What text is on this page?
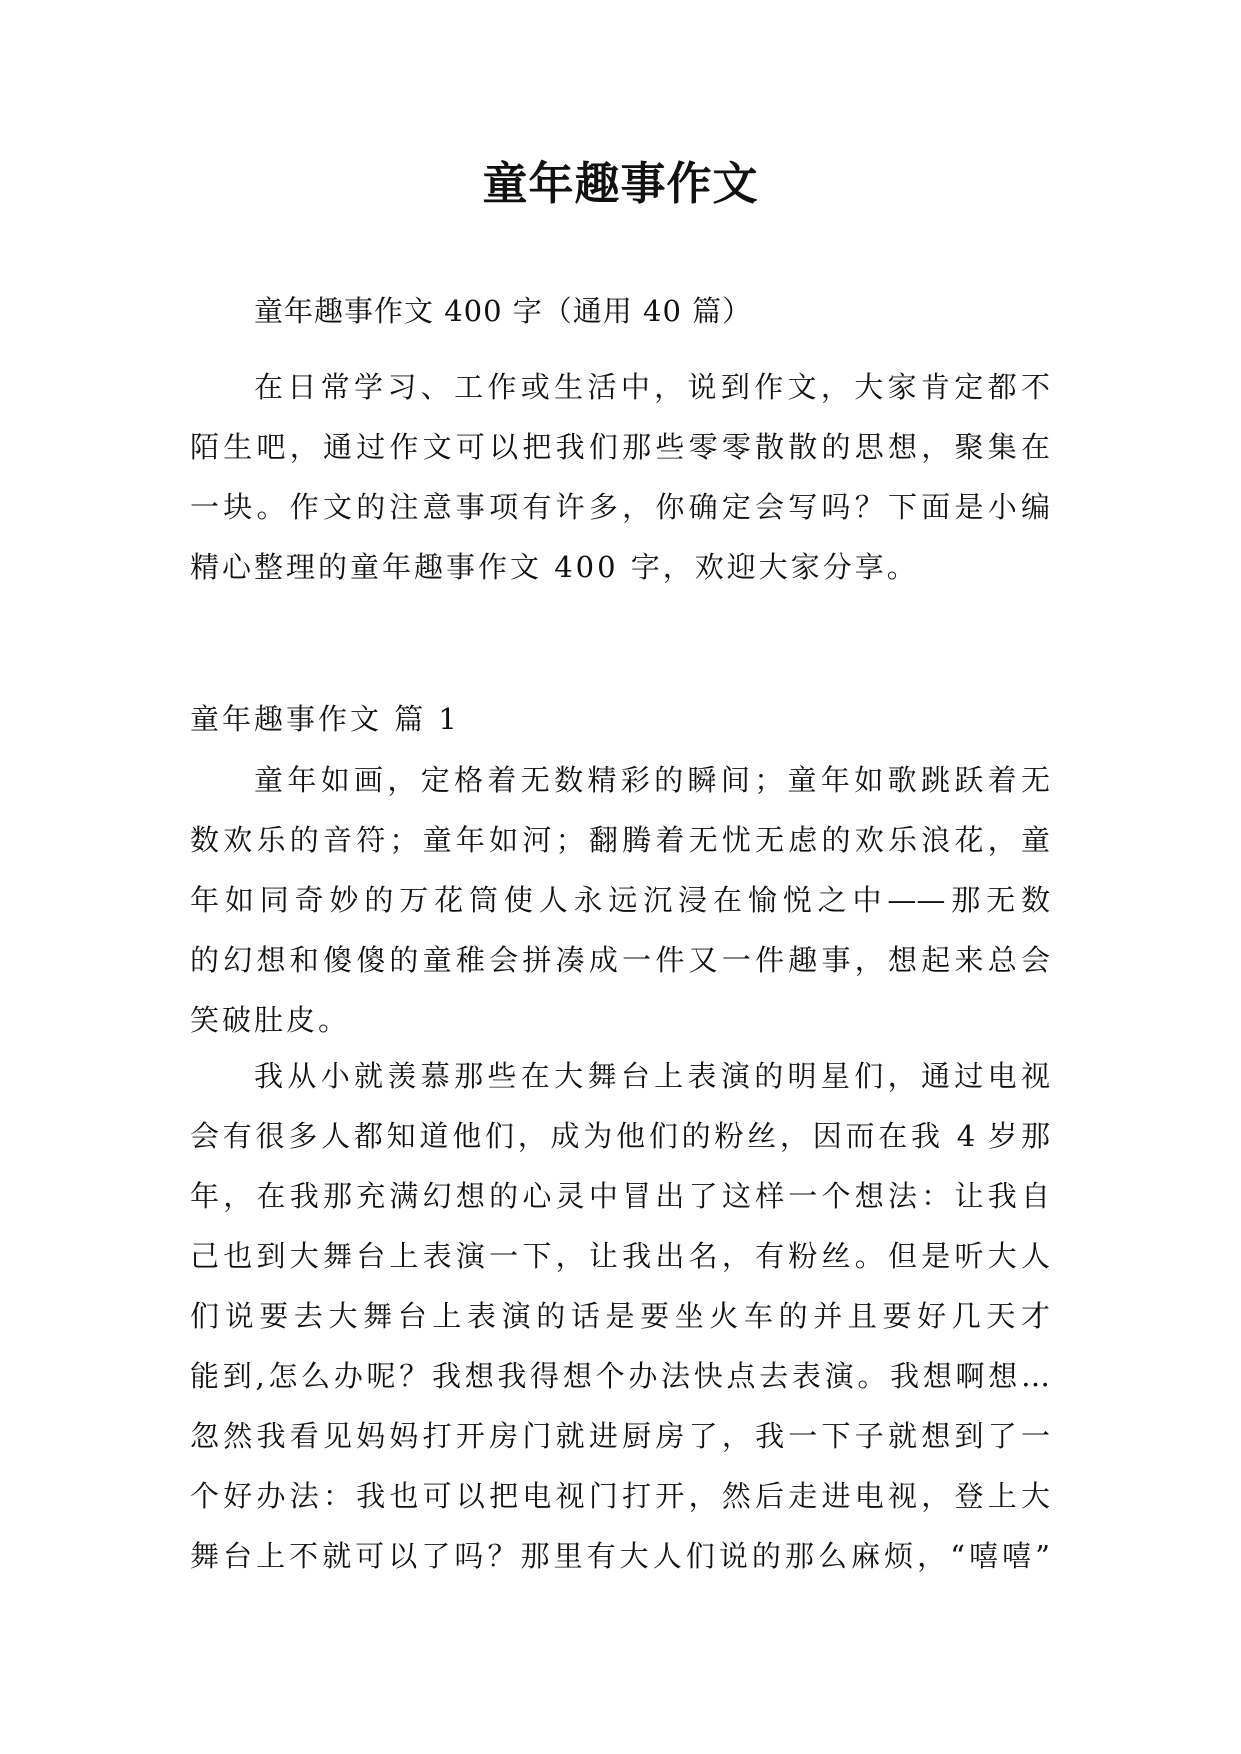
童年趣事作文
童年趣事作文 400 字（通用 40 篇）
在日常学习、工作或生活中，说到作文，大家肯定都不
陌生吧，通过作文可以把我们那些零零散散的思想，聚集在
一块。作文的注意事项有许多，你确定会写吗？下面是小编
精心整理的童年趣事作文 400 字，欢迎大家分享。
童年趣事作文 篇 1
童年如画，定格着无数精彩的瞬间；童年如歌跳跃着无
数欢乐的音符；童年如河；翻腾着无忧无虑的欢乐浪花，童
年如同奇妙的万花筒使人永远沉浸在愉悦之中——那无数
的幻想和傻傻的童稚会拼凑成一件又一件趣事，想起来总会
笑破肚皮。
我从小就羡慕那些在大舞台上表演的明星们，通过电视
会有很多人都知道他们，成为他们的粉丝，因而在我 4 岁那
年，在我那充满幻想的心灵中冒出了这样一个想法：让我自
己也到大舞台上表演一下，让我出名，有粉丝。但是听大人
们说要去大舞台上表演的话是要坐火车的并且要好几天才
能到,怎么办呢？我想我得想个办法快点去表演。我想啊想…
忽然我看见妈妈打开房门就进厨房了，我一下子就想到了一
个好办法：我也可以把电视门打开，然后走进电视，登上大
舞台上不就可以了吗？那里有大人们说的那么麻烦，“嘻嘻”
